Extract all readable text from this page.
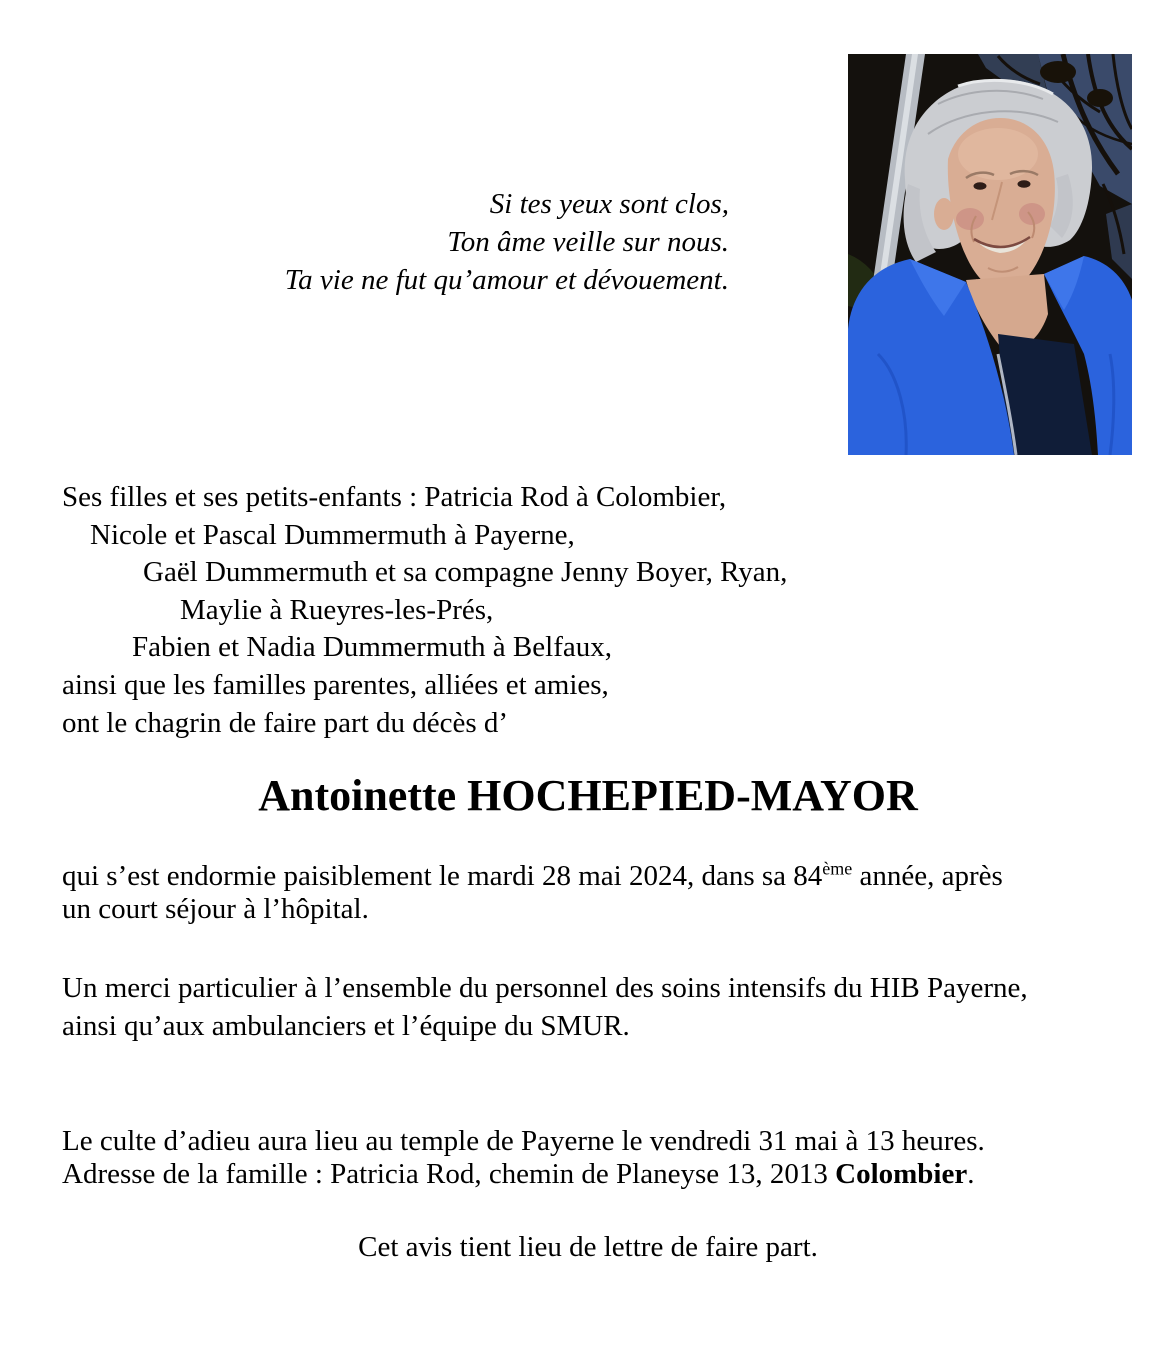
Si tes yeux sont clos,
Ton âme veille sur nous.
Ta vie ne fut qu’amour et dévouement.
Ses filles et ses petits-enfants : Patricia Rod à Colombier,
Nicole et Pascal Dummermuth à Payerne,
Gaël Dummermuth et sa compagne Jenny Boyer, Ryan,
Maylie à Rueyres-les-Prés,
Fabien et Nadia Dummermuth à Belfaux,
ainsi que les familles parentes, alliées et amies,
ont le chagrin de faire part du décès d’
Antoinette HOCHEPIED-MAYOR

qui s’est endormie paisiblement le mardi 28 mai 2024, dans sa 84ème année, après
un court séjour à l’hôpital.

Un merci particulier à l’ensemble du personnel des soins intensifs du HIB Payerne,
ainsi qu’aux ambulanciers et l’équipe du SMUR.

Le culte d’adieu aura lieu au temple de Payerne le vendredi 31 mai à 13 heures.
Adresse de la famille : Patricia Rod, chemin de Planeyse 13, 2013 Colombier.

Cet avis tient lieu de lettre de faire part.
